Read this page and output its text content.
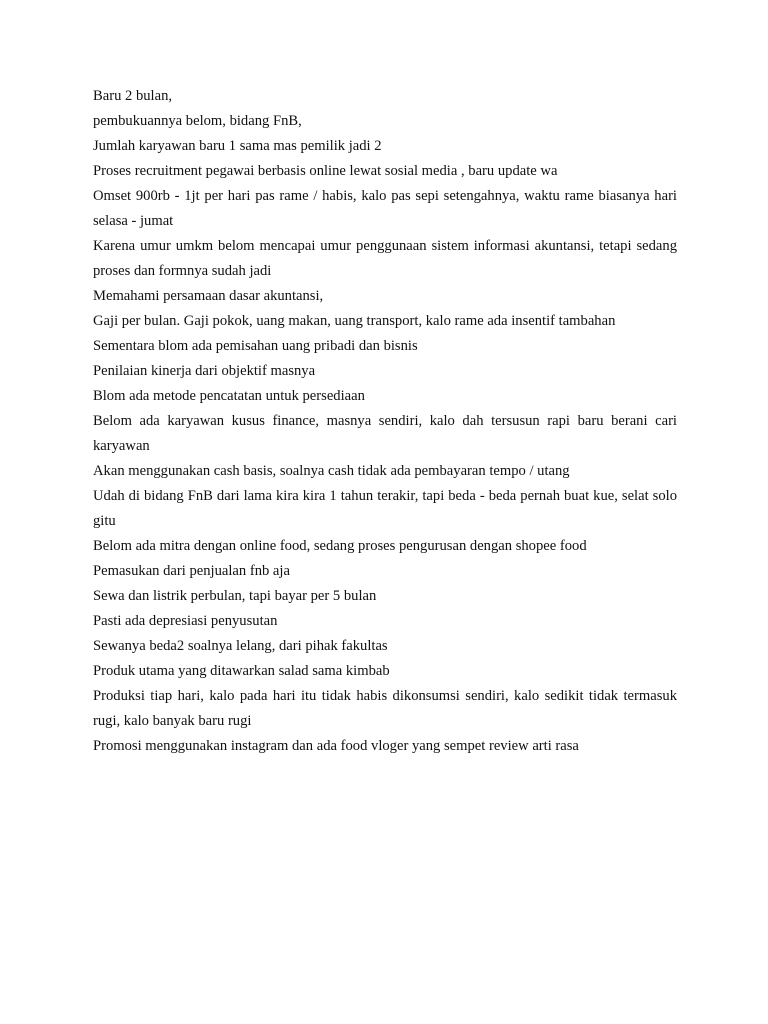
Baru 2 bulan,

pembukuannya belom, bidang FnB,

Jumlah karyawan baru 1 sama mas pemilik jadi 2

Proses recruitment pegawai berbasis online lewat sosial media , baru update wa

Omset 900rb - 1jt per hari pas rame / habis, kalo pas sepi setengahnya, waktu rame biasanya hari selasa - jumat

Karena umur umkm belom mencapai umur penggunaan sistem informasi akuntansi, tetapi sedang proses dan formnya sudah jadi

Memahami persamaan dasar akuntansi,

Gaji per bulan. Gaji pokok, uang makan, uang transport, kalo rame ada insentif tambahan

Sementara blom ada pemisahan uang pribadi dan bisnis

Penilaian kinerja dari objektif masnya

Blom ada metode pencatatan untuk persediaan

Belom ada karyawan kusus finance, masnya sendiri, kalo dah tersusun rapi baru berani cari karyawan

Akan menggunakan cash basis, soalnya cash tidak ada pembayaran tempo / utang

Udah di bidang FnB dari lama kira kira 1 tahun terakir, tapi beda - beda pernah buat kue, selat solo gitu

Belom ada mitra dengan online food, sedang proses pengurusan dengan shopee food

Pemasukan dari penjualan fnb aja

Sewa dan listrik perbulan, tapi bayar per 5 bulan

Pasti ada depresiasi penyusutan

Sewanya beda2 soalnya lelang, dari pihak fakultas

Produk utama yang ditawarkan salad sama kimbab

Produksi tiap hari, kalo pada hari itu tidak habis dikonsumsi sendiri, kalo sedikit tidak termasuk rugi, kalo banyak baru rugi

Promosi menggunakan instagram dan ada food vloger yang sempet review arti rasa
